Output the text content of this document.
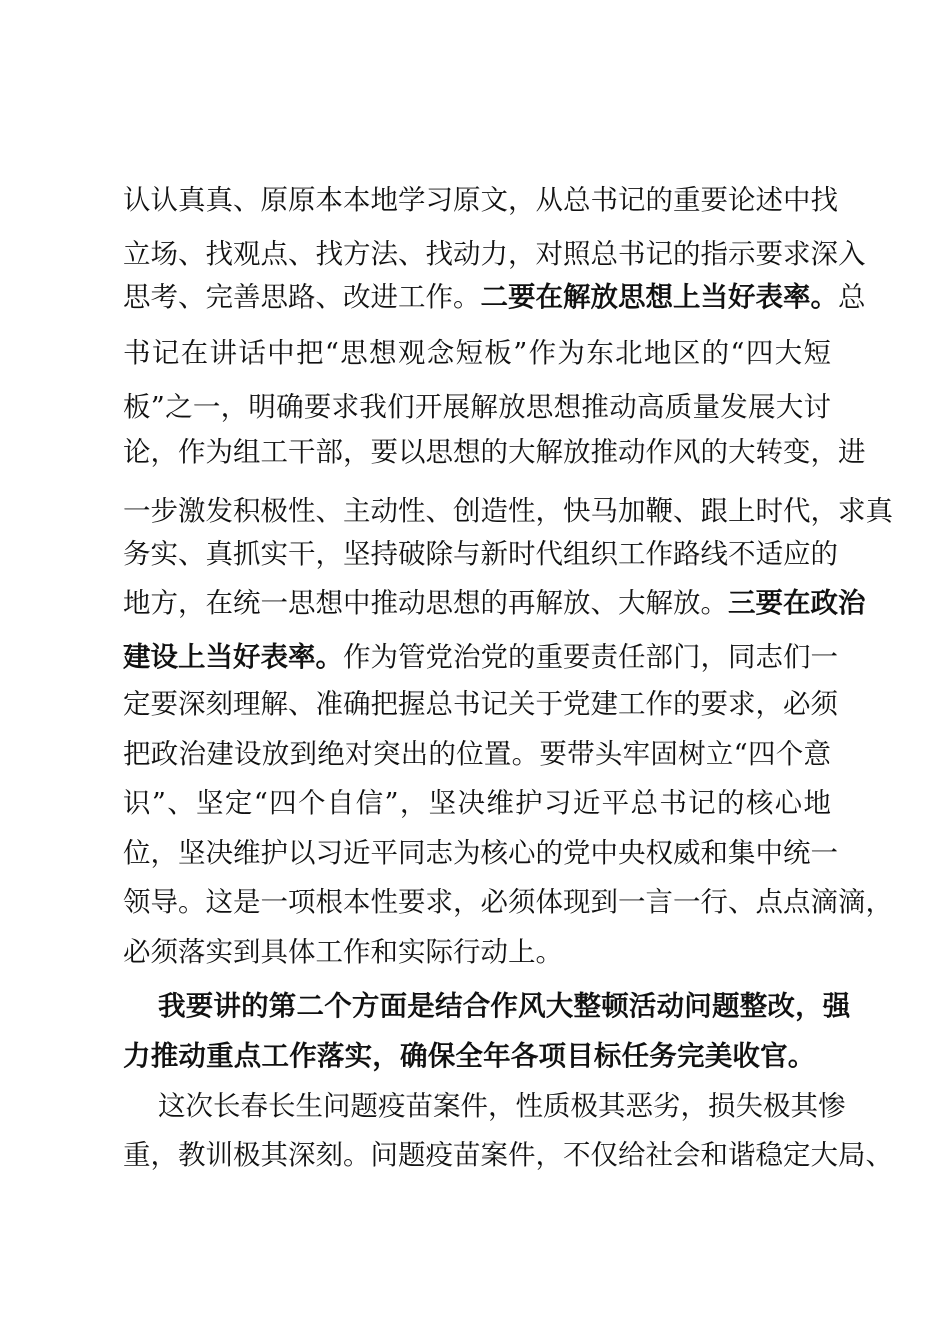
认认真真、原原本本地学习原文，从总书记的重要论述中找
立场、找观点、找方法、找动力，对照总书记的指示要求深入
思考、完善思路、改进工作。二要在解放思想上当好表率。总
书记在讲话中把“思想观念短板”作为东北地区的“四大短
板”之一，明确要求我们开展解放思想推动高质量发展大讨
论，作为组工干部，要以思想的大解放推动作风的大转变，进
一步激发积极性、主动性、创造性，快马加鞭、跟上时代，求真
务实、真抓实干，坚持破除与新时代组织工作路线不适应的
地方，在统一思想中推动思想的再解放、大解放。三要在政治
建设上当好表率。作为管党治党的重要责任部门，同志们一
定要深刻理解、准确把握总书记关于党建工作的要求，必须
把政治建设放到绝对突出的位置。要带头牢固树立“四个意
识”、坚定“四个自信”，坚决维护习近平总书记的核心地
位，坚决维护以习近平同志为核心的党中央权威和集中统一
领导。这是一项根本性要求，必须体现到一言一行、点点滴滴，
必须落实到具体工作和实际行动上。
我要讲的第二个方面是结合作风大整顿活动问题整改，强
力推动重点工作落实，确保全年各项目标任务完美收官。
这次长春长生问题疫苗案件，性质极其恶劣，损失极其惨
重，教训极其深刻。问题疫苗案件，不仅给社会和谐稳定大局、
